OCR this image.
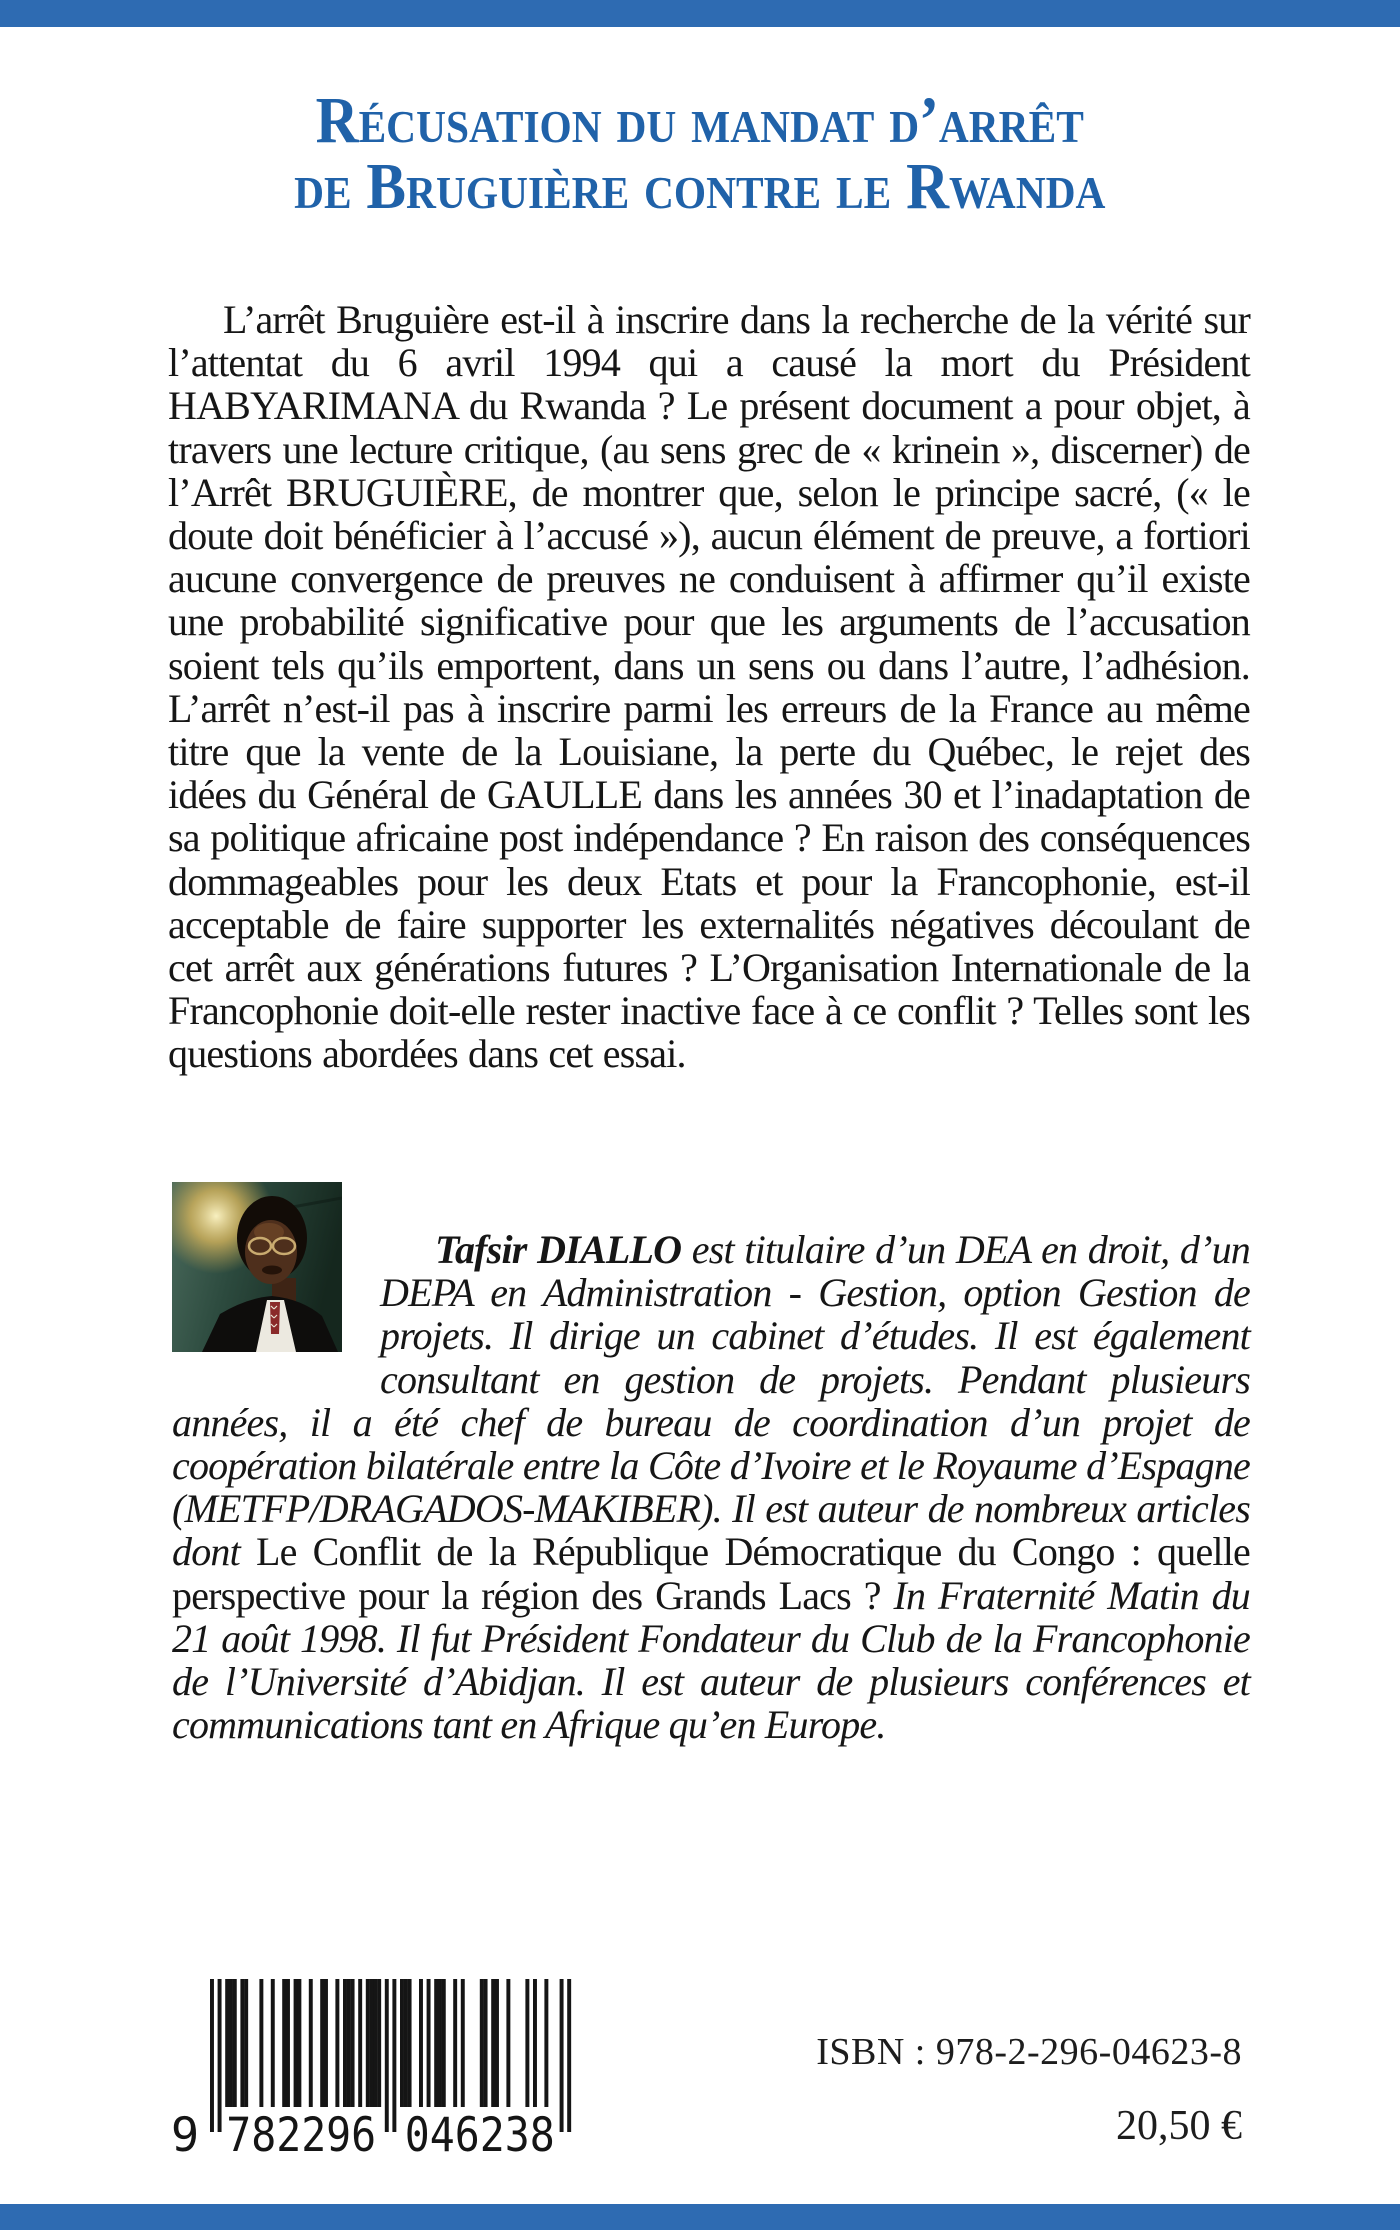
Récusation du mandat d’arrêt
de Bruguière contre le Rwanda

L’arrêt Bruguière est-il à inscrire dans la recherche de la vérité sur l’attentat du 6 avril 1994 qui a causé la mort du Président HABYARIMANA du Rwanda ? Le présent document a pour objet, à travers une lecture critique, (au sens grec de « krinein », discerner) de l’Arrêt BRUGUIÈRE, de montrer que, selon le principe sacré, (« le doute doit bénéficier à l’accusé »), aucun élément de preuve, a fortiori aucune convergence de preuves ne conduisent à affirmer qu’il existe une probabilité significative pour que les arguments de l’accusation soient tels qu’ils emportent, dans un sens ou dans l’autre, l’adhésion. L’arrêt n’est-il pas à inscrire parmi les erreurs de la France au même titre que la vente de la Louisiane, la perte du Québec, le rejet des idées du Général de GAULLE dans les années 30 et l’inadaptation de sa politique africaine post indépendance ? En raison des conséquences dommageables pour les deux Etats et pour la Francophonie, est-il acceptable de faire supporter les externalités négatives découlant de cet arrêt aux générations futures ? L’Organisation Internationale de la Francophonie doit-elle rester inactive face à ce conflit ? Telles sont les questions abordées dans cet essai.

Tafsir DIALLO est titulaire d’un DEA en droit, d’un DEPA en Administration - Gestion, option Gestion de projets. Il dirige un cabinet d’études. Il est également consultant en gestion de projets. Pendant plusieurs années, il a été chef de bureau de coordination d’un projet de coopération bilatérale entre la Côte d’Ivoire et le Royaume d’Espagne (METFP/DRAGADOS-MAKIBER). Il est auteur de nombreux articles dont Le Conflit de la République Démocratique du Congo : quelle perspective pour la région des Grands Lacs ? In Fraternité Matin du 21 août 1998. Il fut Président Fondateur du Club de la Francophonie de l’Université d’Abidjan. Il est auteur de plusieurs conférences et communications tant en Afrique qu’en Europe.

9 782296 046238
ISBN : 978-2-296-04623-8
20,50 €
